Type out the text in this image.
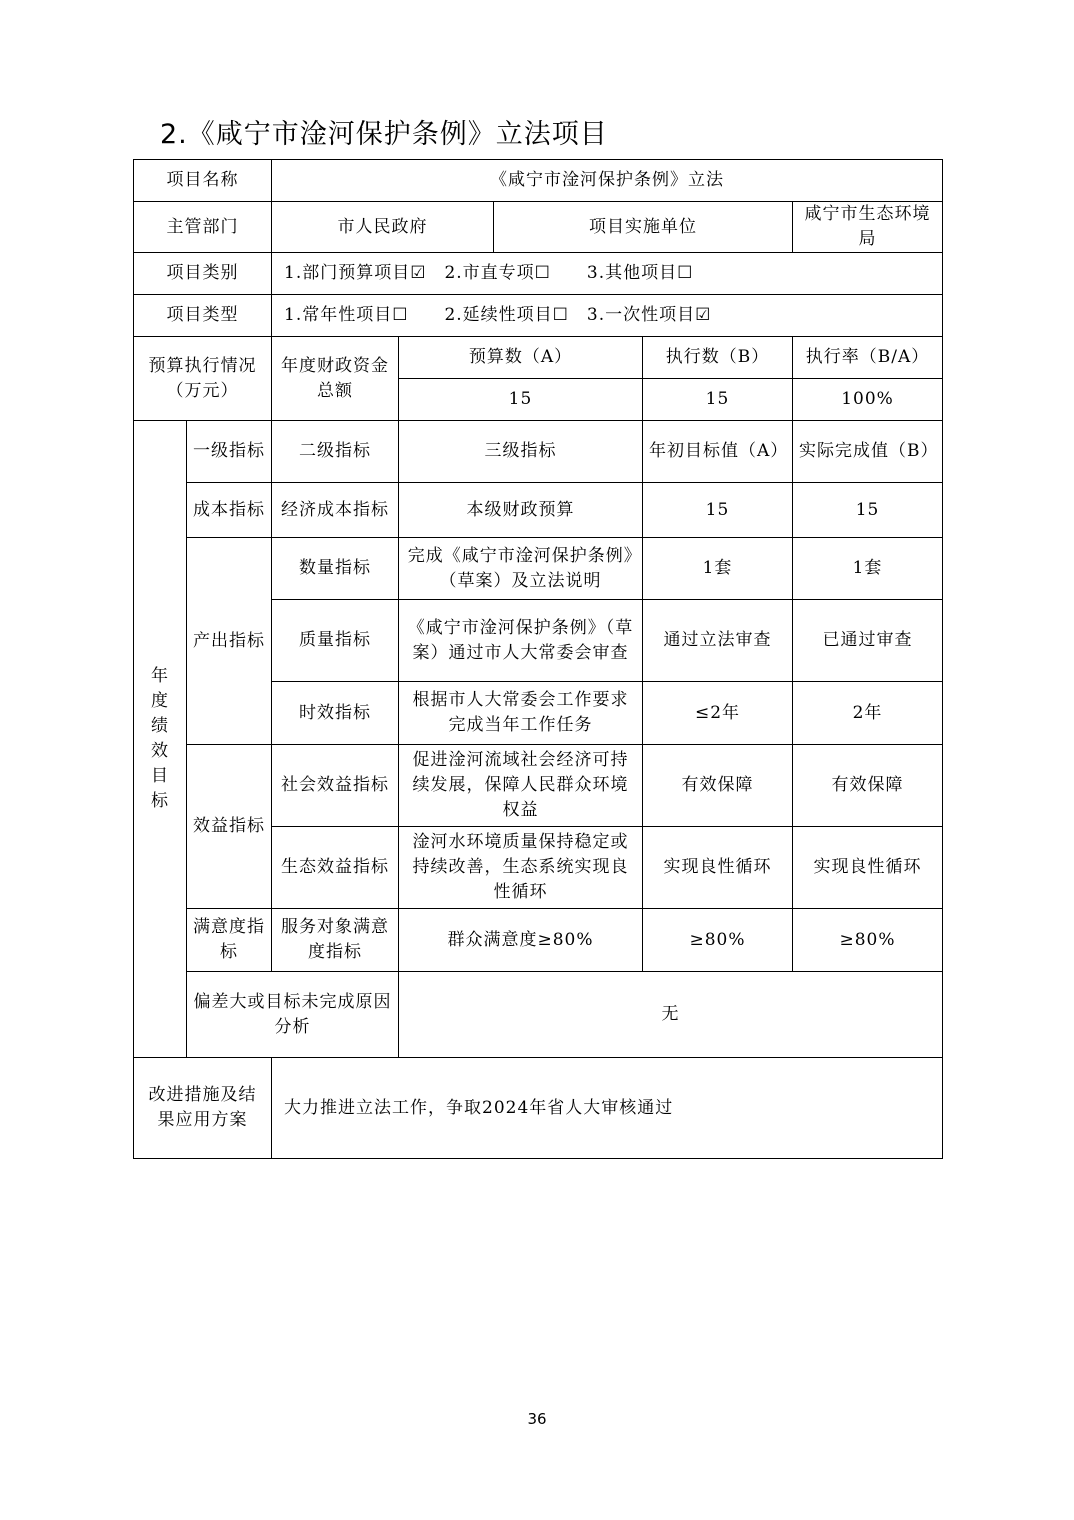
2.《咸宁市淦河保护条例》立法项目
项目名称		《咸宁市淦河保护条例》立法				
主管部门		市人民政府		项目实施单位		咸宁市生态环境局
项目类别		1.部门预算项目☑　2.市直专项☐　　3.其他项目☐				
项目类型		1.常年性项目☐　　2.延续性项目☐　3.一次性项目☑				
预算执行情况（万元）		年度财政资金总额	预算数（A）		执行数（B）	执行率（B/A）
			15		15	100%
年度绩效目标	一级指标	二级指标	三级指标		年初目标值（A）	实际完成值（B）
	成本指标	经济成本指标	本级财政预算		15	15
	产出指标	数量指标	完成《咸宁市淦河保护条例》（草案）及立法说明		1套	1套
		质量指标	《咸宁市淦河保护条例》（草案）通过市人大常委会审查		通过立法审查	已通过审查
		时效指标	根据市人大常委会工作要求完成当年工作任务		≤2年	2年
	效益指标	社会效益指标	促进淦河流域社会经济可持续发展，保障人民群众环境权益		有效保障	有效保障
		生态效益指标	淦河水环境质量保持稳定或持续改善，生态系统实现良性循环		实现良性循环	实现良性循环
	满意度指　标	服务对象满意度指标	群众满意度≥80%		≥80%	≥80%
	偏差大或目标未完成原因分析		无			
改进措施及结果应用方案		大力推进立法工作，争取2024年省人大审核通过				
36
